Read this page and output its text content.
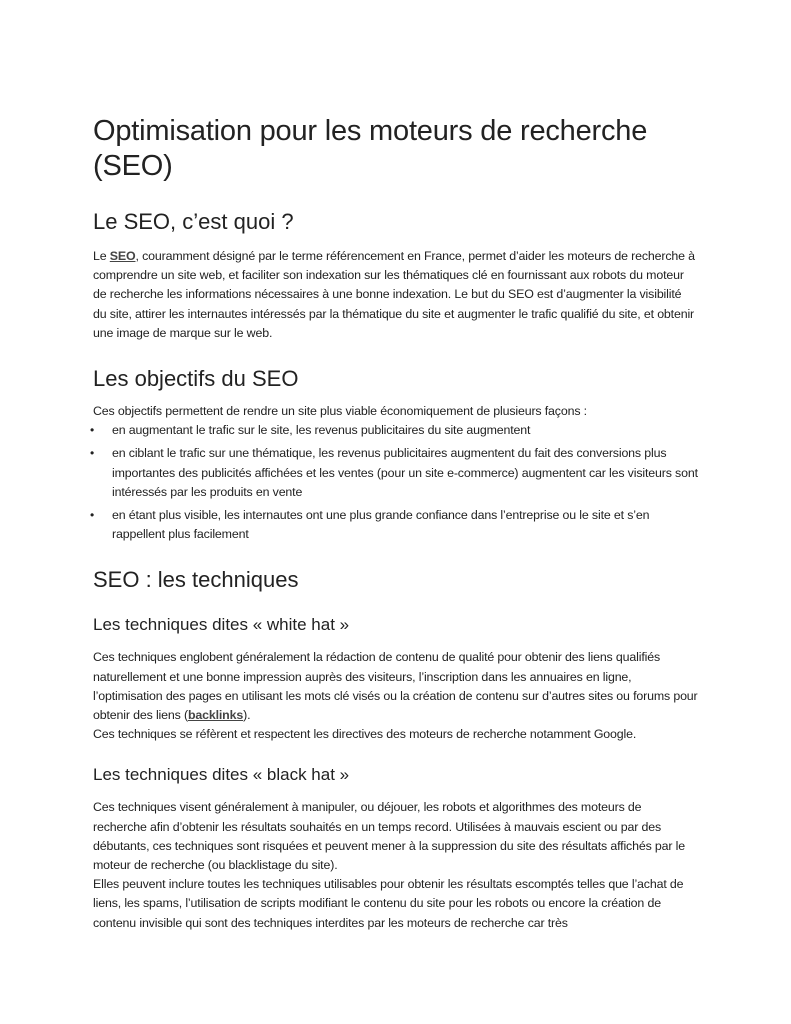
Optimisation pour les moteurs de recherche (SEO)
Le SEO, c’est quoi ?

Le SEO, couramment désigné par le terme référencement en France, permet d’aider les moteurs de recherche à comprendre un site web, et faciliter son indexation sur les thématiques clé en fournissant aux robots du moteur de recherche les informations nécessaires à une bonne indexation. Le but du SEO est d’augmenter la visibilité du site, attirer les internautes intéressés par la thématique du site et augmenter le trafic qualifié du site, et obtenir une image de marque sur le web.

Les objectifs du SEO

Ces objectifs permettent de rendre un site plus viable économiquement de plusieurs façons :

• en augmentant le trafic sur le site, les revenus publicitaires du site augmentent
• en ciblant le trafic sur une thématique, les revenus publicitaires augmentent du fait des conversions plus importantes des publicités affichées et les ventes (pour un site e-commerce) augmentent car les visiteurs sont intéressés par les produits en vente
• en étant plus visible, les internautes ont une plus grande confiance dans l’entreprise ou le site et s’en rappellent plus facilement
SEO : les techniques
Les techniques dites « white hat »

Ces techniques englobent généralement la rédaction de contenu de qualité pour obtenir des liens qualifiés naturellement et une bonne impression auprès des visiteurs, l’inscription dans les annuaires en ligne, l’optimisation des pages en utilisant les mots clé visés ou la création de contenu sur d’autres sites ou forums pour obtenir des liens (backlinks).

Ces techniques se réfèrent et respectent les directives des moteurs de recherche notamment Google.

Les techniques dites « black hat »

Ces techniques visent généralement à manipuler, ou déjouer, les robots et algorithmes des moteurs de recherche afin d’obtenir les résultats souhaités en un temps record. Utilisées à mauvais escient ou par des débutants, ces techniques sont risquées et peuvent mener à la suppression du site des résultats affichés par le moteur de recherche (ou blacklistage du site).

Elles peuvent inclure toutes les techniques utilisables pour obtenir les résultats escomptés telles que l’achat de liens, les spams, l’utilisation de scripts modifiant le contenu du site pour les robots ou encore la création de contenu invisible qui sont des techniques interdites par les moteurs de recherche car très
